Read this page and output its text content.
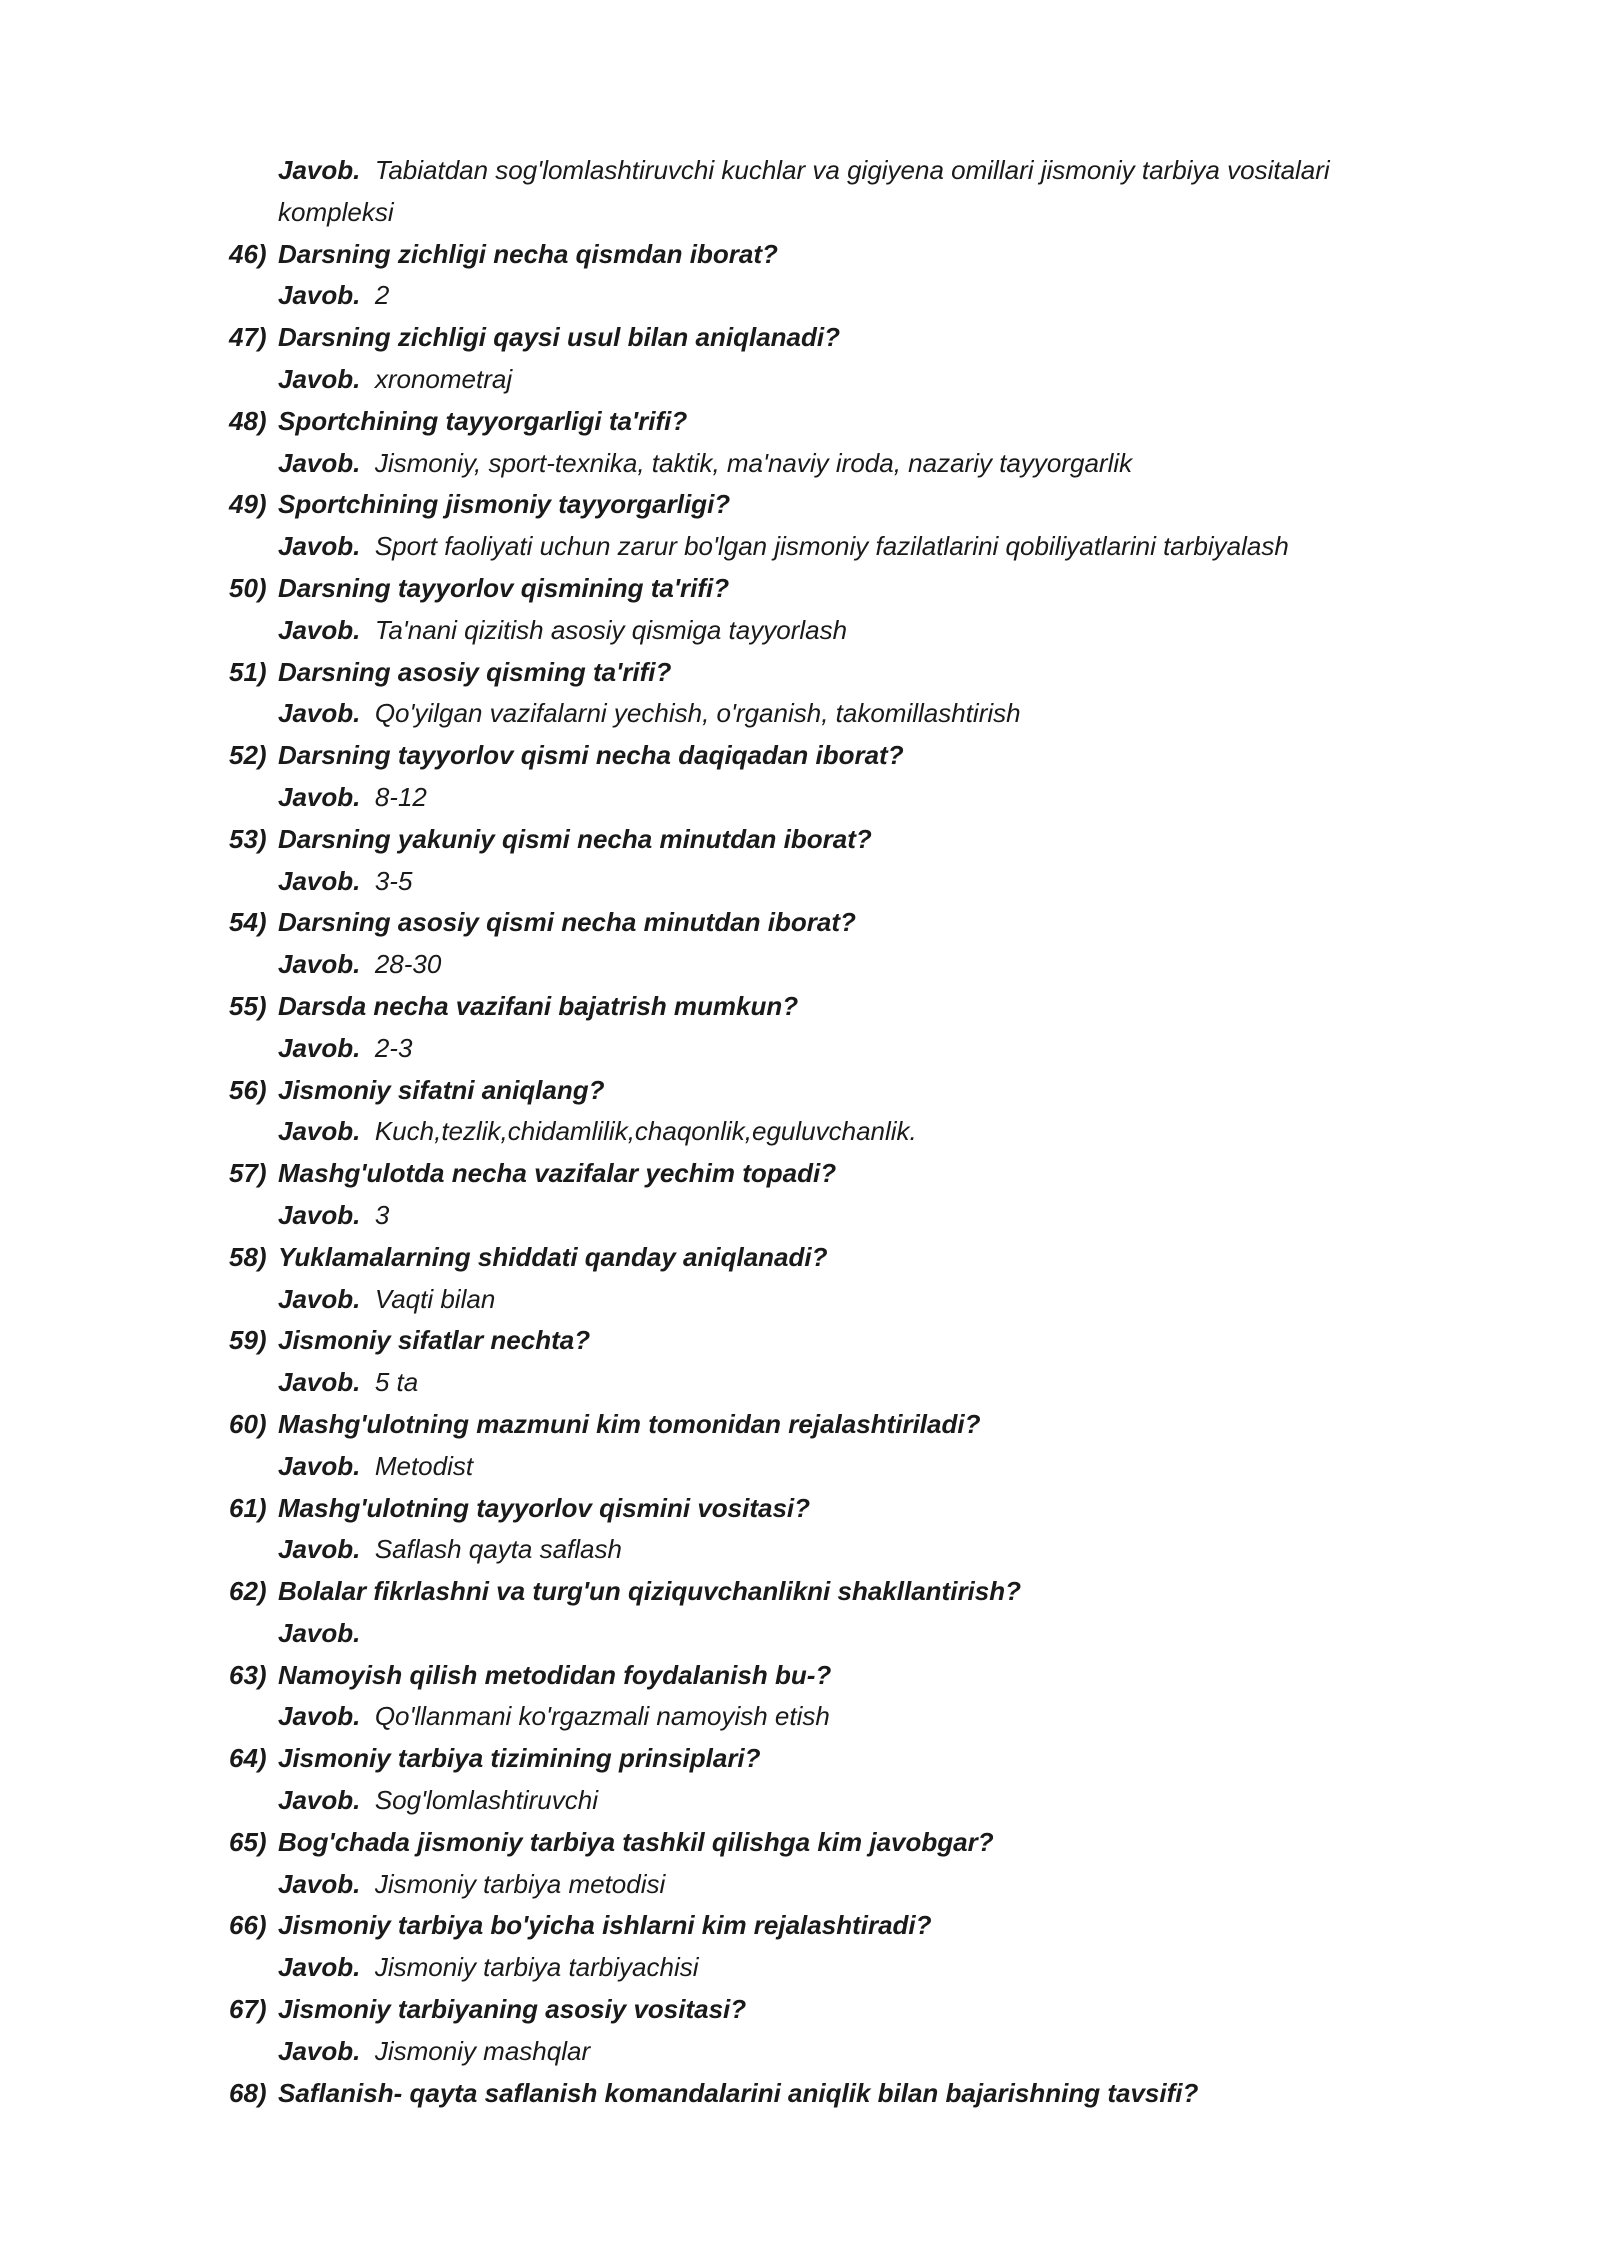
Javob. Tabiatdan sog'lomlashtiruvchi kuchlar va gigiyena omillari jismoniy tarbiya vositalari
kompleksi
46) Darsning zichligi necha qismdan iborat?
Javob. 2
47) Darsning zichligi qaysi usul bilan aniqlanadi?
Javob. xronometraj
48) Sportchining tayyorgarligi ta'rifi?
Javob. Jismoniy, sport-texnika, taktik, ma'naviy iroda, nazariy tayyorgarlik
49) Sportchining jismoniy tayyorgarligi?
Javob. Sport faoliyati uchun zarur bo'lgan jismoniy fazilatlarini qobiliyatlarini tarbiyalash
50) Darsning tayyorlov qismining ta'rifi?
Javob. Ta'nani qizitish asosiy qismiga tayyorlash
51) Darsning asosiy qisming ta'rifi?
Javob. Qo'yilgan vazifalarni yechish, o'rganish, takomillashtirish
52) Darsning tayyorlov qismi necha daqiqadan iborat?
Javob. 8-12
53) Darsning yakuniy qismi necha minutdan iborat?
Javob. 3-5
54) Darsning asosiy qismi necha minutdan iborat?
Javob. 28-30
55) Darsda necha vazifani bajatrish mumkun?
Javob. 2-3
56) Jismoniy sifatni aniqlang?
Javob. Kuch,tezlik,chidamlilik,chaqonlik,eguluvchanlik.
57) Mashg'ulotda necha vazifalar yechim topadi?
Javob. 3
58) Yuklamalarning shiddati qanday aniqlanadi?
Javob. Vaqti bilan
59) Jismoniy sifatlar nechta?
Javob. 5 ta
60) Mashg'ulotning mazmuni kim tomonidan rejalashtiriladi?
Javob. Metodist
61) Mashg'ulotning tayyorlov qismini vositasi?
Javob. Saflash qayta saflash
62) Bolalar fikrlashni va turg'un qiziquvchanlikni shakllantirish?
Javob.
63) Namoyish qilish metodidan foydalanish bu-?
Javob. Qo'llanmani ko'rgazmali namoyish etish
64) Jismoniy tarbiya tizimining prinsiplari?
Javob. Sog'lomlashtiruvchi
65) Bog'chada jismoniy tarbiya tashkil qilishga kim javobgar?
Javob. Jismoniy tarbiya metodisi
66) Jismoniy tarbiya bo'yicha ishlarni kim rejalashtiradi?
Javob. Jismoniy tarbiya tarbiyachisi
67) Jismoniy tarbiyaning asosiy vositasi?
Javob. Jismoniy mashqlar
68) Saflanish- qayta saflanish komandalarini aniqlik bilan bajarishning tavsifi?
